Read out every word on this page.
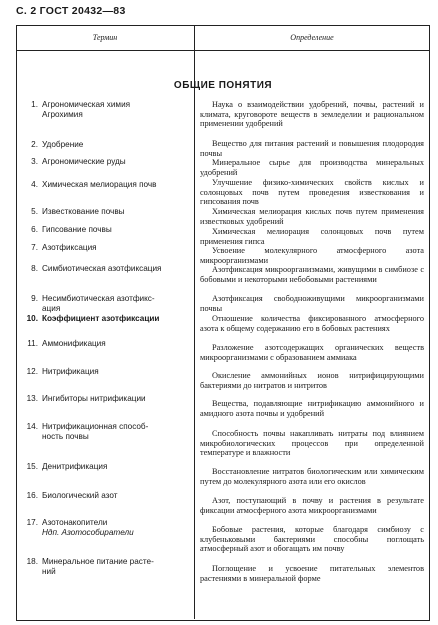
С. 2 ГОСТ 20432—83
Термин	Определение
ОБЩИЕ ПОНЯТИЯ
1. Агрономическая химия
Агрохимия
2. Удобрение
3. Агрономические руды
4. Химическая мелиорация почв
5. Известкование почвы
6. Гипсование почвы
7. Азотфиксация
8. Симбиотическая азотфиксация
9. Несимбиотическая азотфикс-
ация
10. Коэффициент азотфиксации
11. Аммонификация
12. Нитрификация
13. Ингибиторы нитрификации
14. Нитрификационная способ-
ность почвы
15. Денитрификация
16. Биологический азот
17. Азотонакопители
Ндп. Азотособиратели
18. Минеральное питание расте-
ний
Наука о взаимодействии удобрений, почвы, растений и климата, круговороте веществ в земледелии и рациональном применении удобрений
Вещество для питания растений и повышения плодородия почвы
Минеральное сырье для производства минеральных удобрений
Улучшение физико-химических свойств кислых и солонцовых почв путем проведения известкования и гипсования почв
Химическая мелиорация кислых почв путем применения известковых удобрений
Химическая мелиорация солонцовых почв путем применения гипса
Усвоение молекулярного атмосферного азота микроорганизмами
Азотфиксация микроорганизмами, живущими в симбиозе с бобовыми и некоторыми небобовыми растениями
Азотфиксация свободноживущими микроорганизмами почвы
Отношение количества фиксированного атмосферного азота к общему содержанию его в бобовых растениях
Разложение азотсодержащих органических веществ микроорганизмами с образованием аммиака
Окисление аммонийных ионов нитрифицирующими бактериями до нитратов и нитритов
Вещества, подавляющие нитрификацию аммонийного и амидного азота почвы и удобрений
Способность почвы накапливать нитраты под влиянием микробиологических процессов при определенной температуре и влажности
Восстановление нитратов биологическим или химическим путем до молекулярного азота или его окислов
Азот, поступающий в почву и растения в результате фиксации атмосферного азота микроорганизмами
Бобовые растения, которые благодаря симбиозу с клубеньковыми бактериями способны поглощать атмосферный азот и обогащать им почву
Поглощение и усвоение питательных элементов растениями в минеральной форме
